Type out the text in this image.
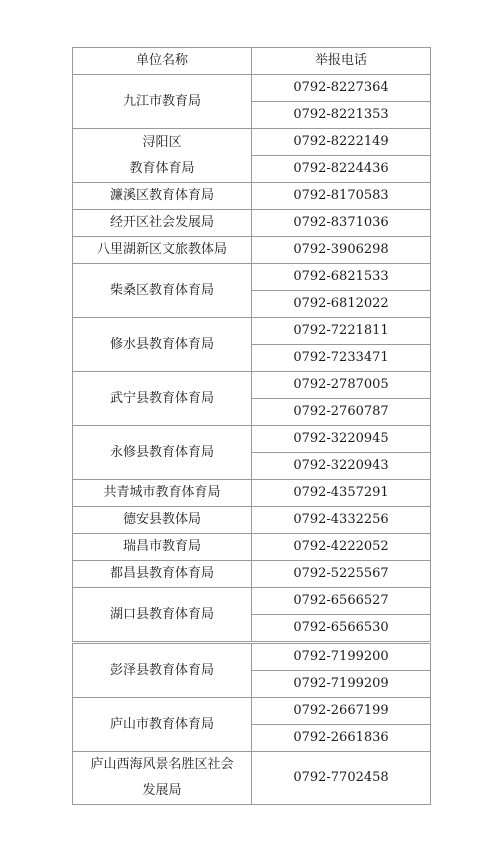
单位名称	举报电话

九江市教育局	0792-8227364
	0792-8221353

浔阳区
教育体育局	0792-8222149
	0792-8224436

濂溪区教育体育局	0792-8170583

经开区社会发展局	0792-8371036

八里湖新区文旅教体局	0792-3906298

柴桑区教育体育局	0792-6821533
	0792-6812022

修水县教育体育局	0792-7221811
	0792-7233471

武宁县教育体育局	0792-2787005
	0792-2760787

永修县教育体育局	0792-3220945
	0792-3220943

共青城市教育体育局	0792-4357291

德安县教体局	0792-4332256

瑞昌市教育局	0792-4222052

都昌县教育体育局	0792-5225567

湖口县教育体育局	0792-6566527
	0792-6566530

彭泽县教育体育局	0792-7199200
	0792-7199209

庐山市教育体育局	0792-2667199
	0792-2661836

庐山西海风景名胜区社会
发展局	0792-7702458
